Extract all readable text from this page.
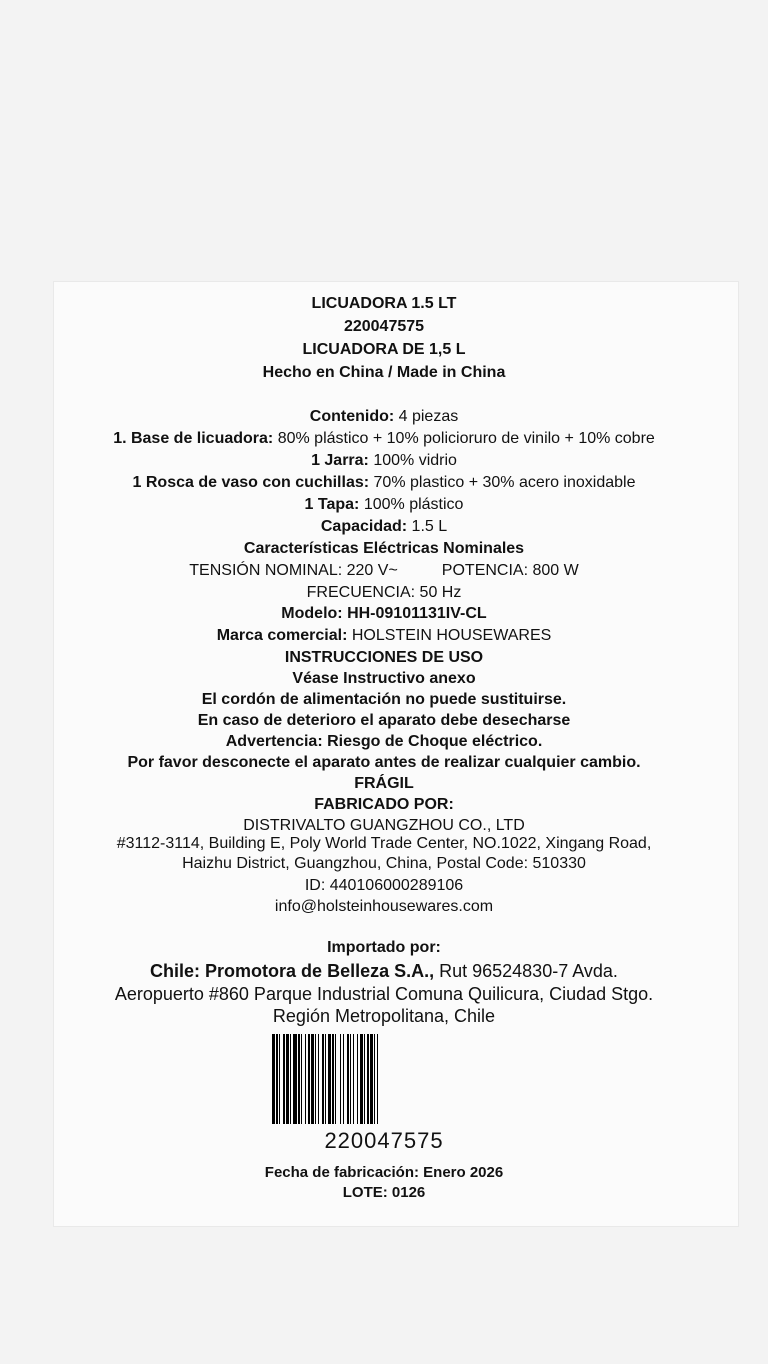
LICUADORA 1.5 LT
220047575
LICUADORA DE 1,5 L
Hecho en China / Made in China
Contenido: 4 piezas
1. Base de licuadora: 80% plástico + 10% policioruro de vinilo + 10% cobre
1 Jarra: 100% vidrio
1 Rosca de vaso con cuchillas: 70% plastico + 30% acero inoxidable
1 Tapa: 100% plástico
Capacidad: 1.5 L
Características Eléctricas Nominales
TENSIÓN NOMINAL: 220 V~	POTENCIA: 800 W
FRECUENCIA: 50 Hz
Modelo: HH-09101131IV-CL
Marca comercial: HOLSTEIN HOUSEWARES
INSTRUCCIONES DE USO
Véase Instructivo anexo
El cordón de alimentación no puede sustituirse.
En caso de deterioro el aparato debe desecharse
Advertencia: Riesgo de Choque eléctrico.
Por favor desconecte el aparato antes de realizar cualquier cambio.
FRÁGIL
FABRICADO POR:
DISTRIVALTO GUANGZHOU CO., LTD
#3112-3114, Building E, Poly World Trade Center, NO.1022, Xingang Road,
Haizhu District, Guangzhou, China, Postal Code: 510330
ID: 440106000289106
info@holsteinhousewares.com
Importado por:
Chile: Promotora de Belleza S.A., Rut 96524830-7 Avda.
Aeropuerto #860 Parque Industrial Comuna Quilicura, Ciudad Stgo.
Región Metropolitana, Chile
220047575
Fecha de fabricación: Enero 2026
LOTE: 0126
